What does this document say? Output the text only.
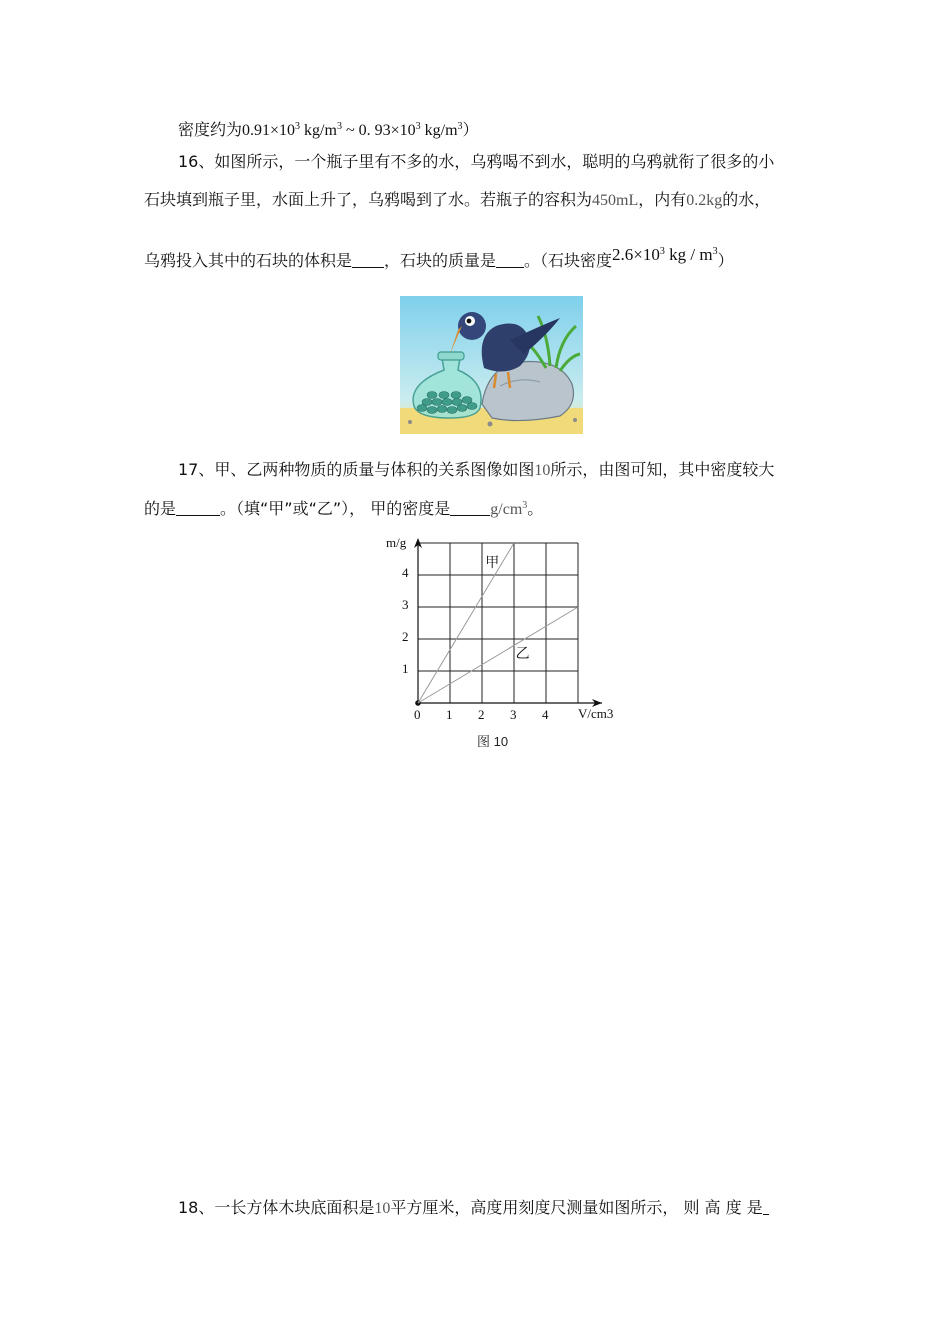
密度约为$0.91\times 10^3$ $kg/m^3$ ~ 0. $93\times 10^3$ $kg/m^3$）
16、如图所示，一个瓶子里有不多的水，乌鸦喝不到水，聪明的乌鸦就衔了很多的小
石块填到瓶子里，水面上升了，乌鸦喝到了水。若瓶子的容积为450mL，内有0.2kg的水，
乌鸦投入其中的石块的体积是 ，石块的质量是 。（石块密度$2.6\times 10^3$ kg / $m^3$）
17、甲、乙两种物质的质量与体积的关系图像如图10所示，由图可知，其中密度较大
的是	。（填“甲”或“乙”）， 甲的密度是	$g/cm^3$。
甲
乙
0 1 2 3 4
1
2
3
4
m/g
V/cm3
图 10
18、一长方体木块底面积是10平方厘米，高度用刻度尺测量如图所示， 则 高 度 是
